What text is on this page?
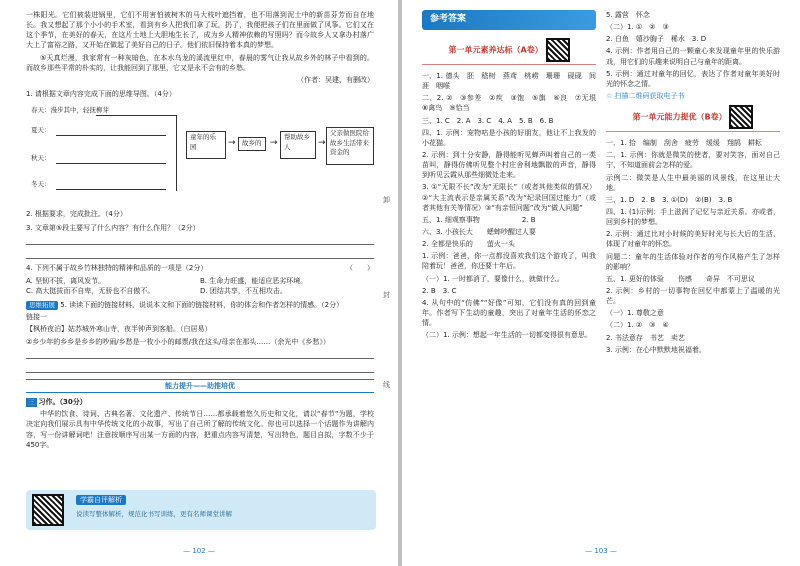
一株阳光。它们被装进锅里，它们不用害怕被树木的马大枝叶遮挡着，也不用落到泥土中的新苗芬芳而自在地长。我又想起了那个小小的手术室，看到有乡人把我们拿了玩，扔了，我便把孩子们在里面做了风筝。它们又在这个季节，在美好的春天，在这片土地上大胆地生长了，成为乡人精神依赖的写照吗？而今故乡人又拿办村落广大上了富裕之路，又开始在做起了美好自己的日子。他们依旧保持着本真的梦想。

⑤天真烂漫，我家常有一种灰暗色，在本水乌龙的溪流里红中，春晨的雾气让我从故乡外的林子中看到的。而故乡那些平常的朴实的，让我能回到了那里，它又是永不会有的乡愁。

（作者：吴建，有删改）

1. 请根据文章内容完成下面的思维导图。（4分）

春天：漫步其中，轻抚柳芽
夏天：
秋天：
冬天：
童年的乐园	→ 故乡的 →
帮助故乡人	→
父亲做医院给故乡生活带来资金的

2. 根据要求，完成批注。（4分）

3. 文章第⑤段主要写了什么内容？有什么作用？（2分）

4. 下列不属于故乡竹林独特的精神和品质的一项是（2分）	（　　）

A. 坚韧不拔，离风发节。	B. 生命力旺盛，能适应恶劣环境。
C. 高大挺拔而不自卑，无骄也不自傲不。	D. 团结共享，不互相攻击。

思维拓展 5. 读读下面的链接材料，说说本文和下面的链接材料，你的体会和作者怎样的情感。（2分）

链接一

【枫桥夜泊】姑苏城外寒山寺，夜半钟声到客船。（白居易）

②乡少年的乡乡是乡乡的吵闹/乡愁是一枚小小的邮票/我在这头/母亲在那头……（余光中《乡愁》）

能力提升——助推培优

三 习作。（30分）

中华的饮食、诗词、古典名著、文化遗产、传统节日……都承载着悠久历史和文化，请以“春节”为题，学校决定向我们展示具有中华传统文化的小故事，写出了自己所了解的传统文化。你也可以选择一个话题作为讲解内容，写一份讲解词吧！注意按顺序写出某一方面的内容，把重点内容写清楚，写出特色，题目自拟，字数不少于450字。

卸
封
线
学霸自评解析
说读写整体解析，规范化书写训练，更有名师课堂讲解
— 102 —
参考答案
第一单元素养达标（A卷）

一、1. 德头　胚　嵇树　燕鸢　桃崂　珊珊　砚砚　间涯　咽喉

二、2. ②　③参差　②疾　③饱　⑤旗　⑥良　⑦无垠　⑧禽鸟　⑨恰当

三、1. C　2. A　3. C　4. A　5. B　6. B

四、1. 示例：宠物咕是小孩的好朋友，他让不上我发的小花猫。

2. 示例：到十分安静，静得能听见蝉声叫着自己的一类苗叫，静得仿佛听见整个村庄舍利地飘散的声音，静得到听见云霞从那些细微处走来。

3. ①“无限不长”改为“无限长”（或者其他类似的情况）②“大主流表示是亲属关系”改为“纪录回国过能力”（或者其他有关等情况）③“有亲恒问题”改为“做人问题”

五、1. 细观察事物　　　　　　2. B

六、3. 小孩长大　　蟋蟀吵醒过人要

2. 全都是快乐的　　萤火一头

1. 示例：爸爸，你一点都没喜欢我们这个游戏了，叫我陪着玩！爸爸，你还要十年后。

（一）1. 一时都消了，要像什么，就做什么。

2. B　3. C

4. 从句中的“仿佛”“好像”可知，它们没有真的回到童年。作者写下生动的童趣，突出了对童年生活的怀恋之情。

（二）1. 示例：想起一年生活的一切都变得很有意思。

5. 露营　怀念

（二）1. ①　②　③

2. 白鱼　嬉沙胸子　稀水　3. D

4. 示例：作者用自己的一颗童心来发现童年里的快乐游戏，用它们的乐趣来说明自己与童年的距离。

5. 示例：通过对童年的回忆，表达了作者对童年美好时光的怀念之情。

☆ 扫描二维码获取电子书

第一单元能力提优（B卷）

一、1. 拾　编制　刮舍　疲劳　缓缓　翔鹄　耕耘

二、1. 示例：你就是微笑的使者，要对笑容，面对自己宁，不知道面前会怎样的爱。

示例二：微笑是人生中最美丽的风景线，在这里让大地。

三、1. D　2. B　3. ①(D)　②(B)　3. B

四、1. (1)示例：手上滋润了记忆与亲近关系。亦或者，回到乡村的梦想。

2. 示例：通过比对小时候的美好时光与长大后的生活，体现了对童年的怀恋。

问题二：童年的生活体验对作者的写作风格产生了怎样的影响？

五、1. 更好的体验　　伤感　　奇异　不可思议

2. 示例：乡村的一切事物在回忆中都蒙上了温暖的光芒。

（一）1. 尊敬之意

（二）1. ②　③　④

2. 书法意存　书艺　卖艺

3. 示例：在心中默默地祝福着。

— 103 —
